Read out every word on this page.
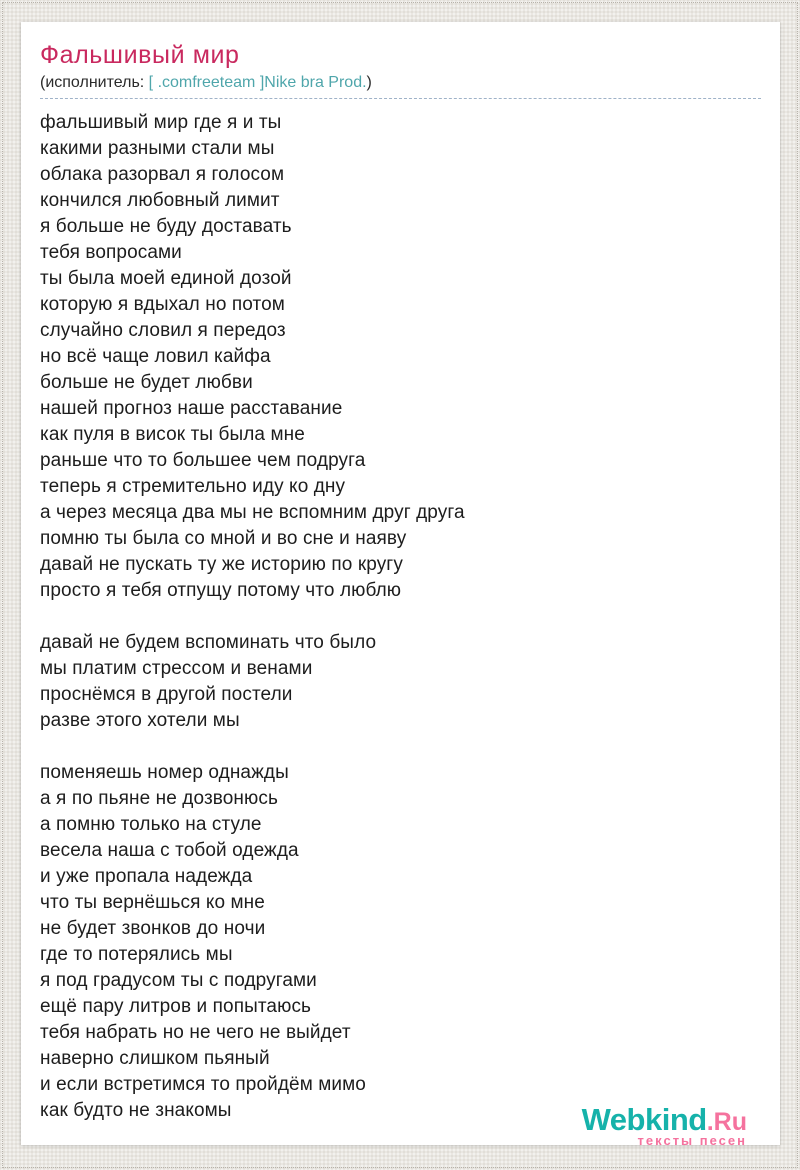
Фальшивый мир
(исполнитель: [ .comfreeteam ]Nike bra Prod.)
фальшивый мир где я и ты
какими разными стали мы
облака разорвал я голосом
кончился любовный лимит
я больше не буду доставать
тебя вопросами
ты была моей единой дозой
которую я вдыхал но потом
случайно словил я передоз
но всё чаще ловил кайфа
больше не будет любви
нашей прогноз наше расставание
как пуля в висок ты была мне
раньше что то большее чем подруга
теперь я стремительно иду ко дну
а через месяца два мы не вспомним друг друга
помню ты была со мной и во сне и наяву
давай не пускать ту же историю по кругу
просто я тебя отпущу потому что люблю

давай не будем вспоминать что было
мы платим стрессом и венами
проснёмся в другой постели
разве этого хотели мы

поменяешь номер однажды
а я по пьяне не дозвонюсь
а помню только на стуле
весела наша с тобой одежда
и уже пропала надежда
что ты вернёшься ко мне
не будет звонков до ночи
где то потерялись мы
я под градусом ты с подругами
ещё пару литров и попытаюсь
тебя набрать но не чего не выйдет
наверно слишком пьяный
и если встретимся то пройдём мимо
как будто не знакомы	Webkind.Ru
тексты песен
